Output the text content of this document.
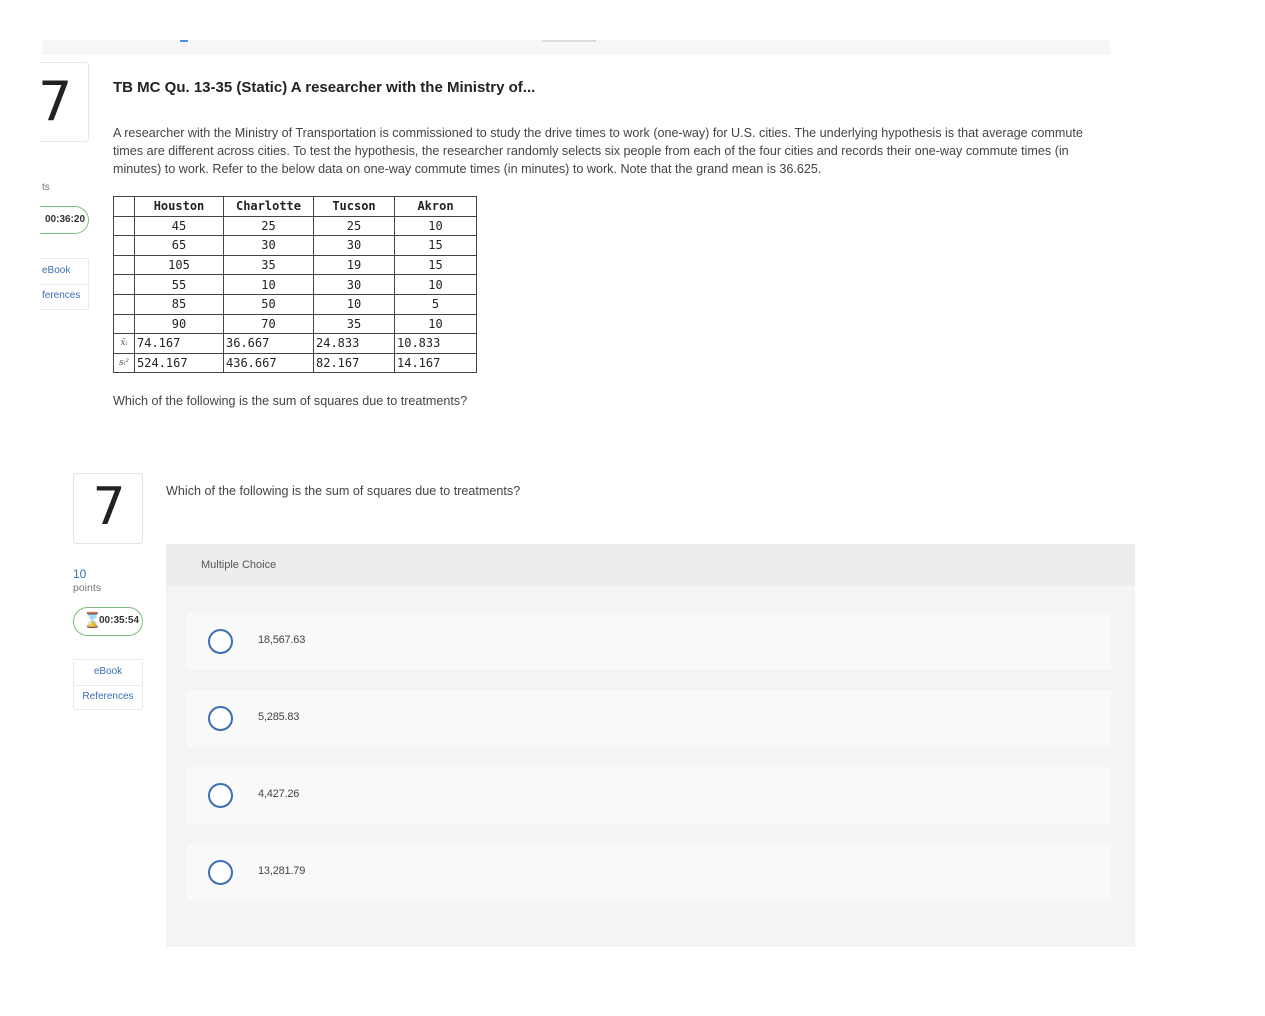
7
ts
00:36:20
eBook
ferences
TB MC Qu. 13-35 (Static) A researcher with the Ministry of...
A researcher with the Ministry of Transportation is commissioned to study the drive times to work (one-way) for U.S. cities. The underlying hypothesis is that average commute times are different across cities. To test the hypothesis, the researcher randomly selects six people from each of the four cities and records their one-way commute times (in minutes) to work. Refer to the below data on one-way commute times (in minutes) to work. Note that the grand mean is 36.625.
	Houston	Charlotte	Tucson	Akron
	45	25	25	10
	65	30	30	15
	105	35	19	15
	55	10	30	10
	85	50	10	5
	90	70	35	10
x̄ᵢ	74.167	36.667	24.833	10.833
sᵢ²	524.167	436.667	82.167	14.167
Which of the following is the sum of squares due to treatments?
7
10
points
⌛
00:35:54
eBook
References
Which of the following is the sum of squares due to treatments?
Multiple Choice
18,567.63
5,285.83
4,427.26
13,281.79
